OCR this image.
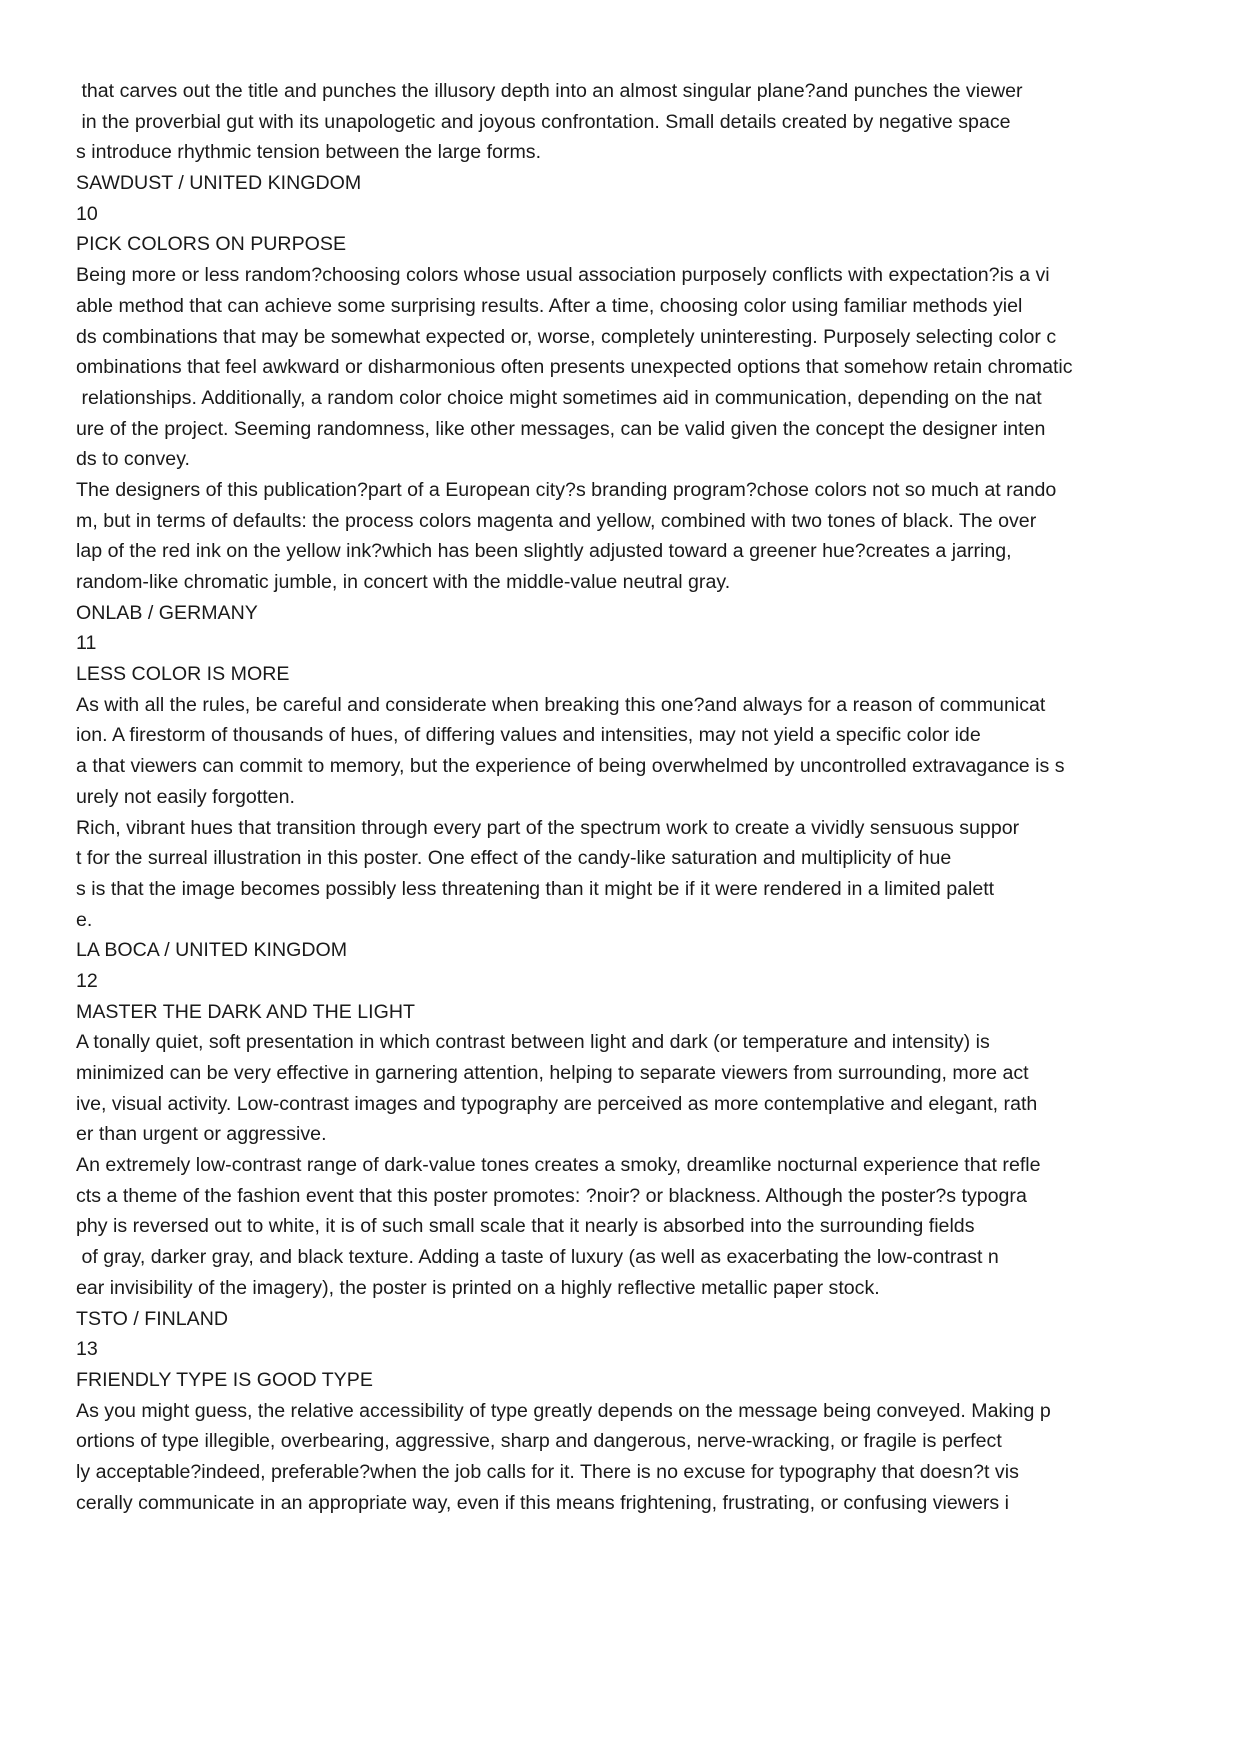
that carves out the title and punches the illusory depth into an almost singular plane?and punches the viewer
in the proverbial gut with its unapologetic and joyous confrontation. Small details created by negative space
s introduce rhythmic tension between the large forms.
SAWDUST / UNITED KINGDOM
10
PICK COLORS ON PURPOSE
Being more or less random?choosing colors whose usual association purposely conflicts with expectation?is a vi
able method that can achieve some surprising results. After a time, choosing color using familiar methods yiel
ds combinations that may be somewhat expected or, worse, completely uninteresting. Purposely selecting color c
ombinations that feel awkward or disharmonious often presents unexpected options that somehow retain chromatic
relationships. Additionally, a random color choice might sometimes aid in communication, depending on the nat
ure of the project. Seeming randomness, like other messages, can be valid given the concept the designer inten
ds to convey.
The designers of this publication?part of a European city?s branding program?chose colors not so much at rando
m, but in terms of defaults: the process colors magenta and yellow, combined with two tones of black. The over
lap of the red ink on the yellow ink?which has been slightly adjusted toward a greener hue?creates a jarring,
random-like chromatic jumble, in concert with the middle-value neutral gray.
ONLAB / GERMANY
11
LESS COLOR IS MORE
As with all the rules, be careful and considerate when breaking this one?and always for a reason of communicat
ion. A firestorm of thousands of hues, of differing values and intensities, may not yield a specific color ide
a that viewers can commit to memory, but the experience of being overwhelmed by uncontrolled extravagance is s
urely not easily forgotten.
Rich, vibrant hues that transition through every part of the spectrum work to create a vividly sensuous suppor
t for the surreal illustration in this poster. One effect of the candy-like saturation and multiplicity of hue
s is that the image becomes possibly less threatening than it might be if it were rendered in a limited palett
e.
LA BOCA / UNITED KINGDOM
12
MASTER THE DARK AND THE LIGHT
A tonally quiet, soft presentation in which contrast between light and dark (or temperature and intensity) is
minimized can be very effective in garnering attention, helping to separate viewers from surrounding, more act
ive, visual activity. Low-contrast images and typography are perceived as more contemplative and elegant, rath
er than urgent or aggressive.
An extremely low-contrast range of dark-value tones creates a smoky, dreamlike nocturnal experience that refle
cts a theme of the fashion event that this poster promotes: ?noir? or blackness. Although the poster?s typogra
phy is reversed out to white, it is of such small scale that it nearly is absorbed into the surrounding fields
of gray, darker gray, and black texture. Adding a taste of luxury (as well as exacerbating the low-contrast n
ear invisibility of the imagery), the poster is printed on a highly reflective metallic paper stock.
TSTO / FINLAND
13
FRIENDLY TYPE IS GOOD TYPE
As you might guess, the relative accessibility of type greatly depends on the message being conveyed. Making p
ortions of type illegible, overbearing, aggressive, sharp and dangerous, nerve-wracking, or fragile is perfect
ly acceptable?indeed, preferable?when the job calls for it. There is no excuse for typography that doesn?t vis
cerally communicate in an appropriate way, even if this means frightening, frustrating, or confusing viewers i
